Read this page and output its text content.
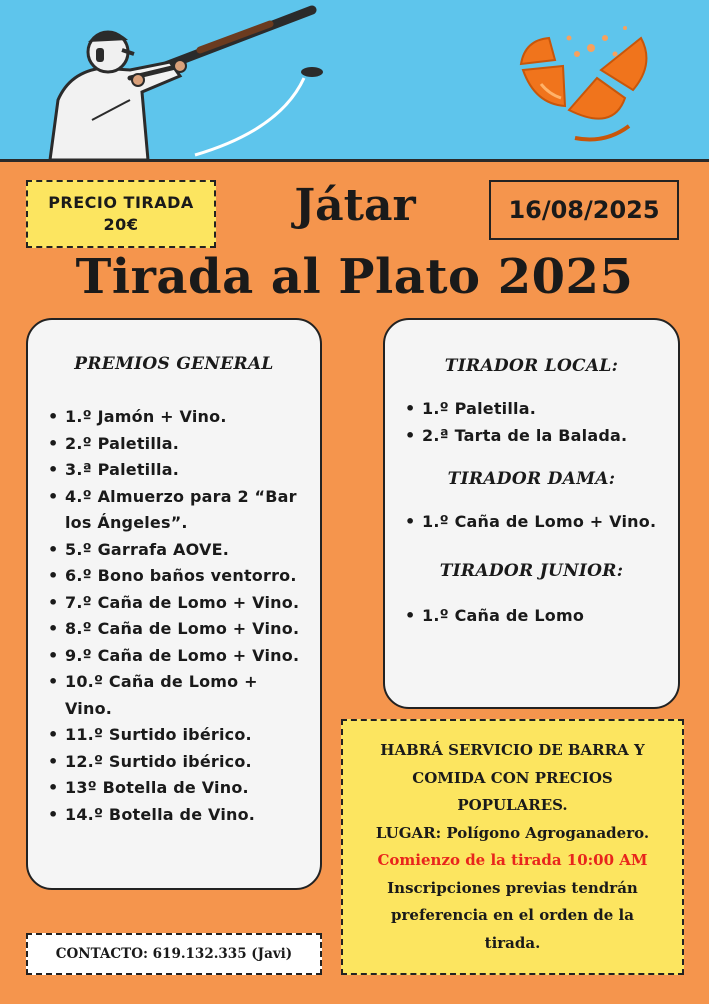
PRECIO TIRADA
20€	Játar	16/08/2025
Tirada al Plato 2025
PREMIOS GENERAL
• 1.º Jamón + Vino.
• 2.º Paletilla.
• 3.ª Paletilla.
• 4.º Almuerzo para 2 “Bar los Ángeles”.
• 5.º Garrafa AOVE.
• 6.º Bono baños ventorro.
• 7.º Caña de Lomo + Vino.
• 8.º Caña de Lomo + Vino.
• 9.º Caña de Lomo + Vino.
• 10.º Caña de Lomo + Vino.
• 11.º Surtido ibérico.
• 12.º Surtido ibérico.
• 13º Botella de Vino.
• 14.º Botella de Vino.
TIRADOR LOCAL:
• 1.º Paletilla.
• 2.ª Tarta de la Balada.
TIRADOR DAMA:
• 1.º Caña de Lomo + Vino.
TIRADOR JUNIOR:
• 1.º Caña de Lomo
HABRÁ SERVICIO DE BARRA Y
COMIDA CON PRECIOS
POPULARES.
LUGAR: Polígono Agroganadero.
Comienzo de la tirada 10:00 AM
Inscripciones previas tendrán
preferencia en el orden de la
tirada.
CONTACTO: 619.132.335 (Javi)
